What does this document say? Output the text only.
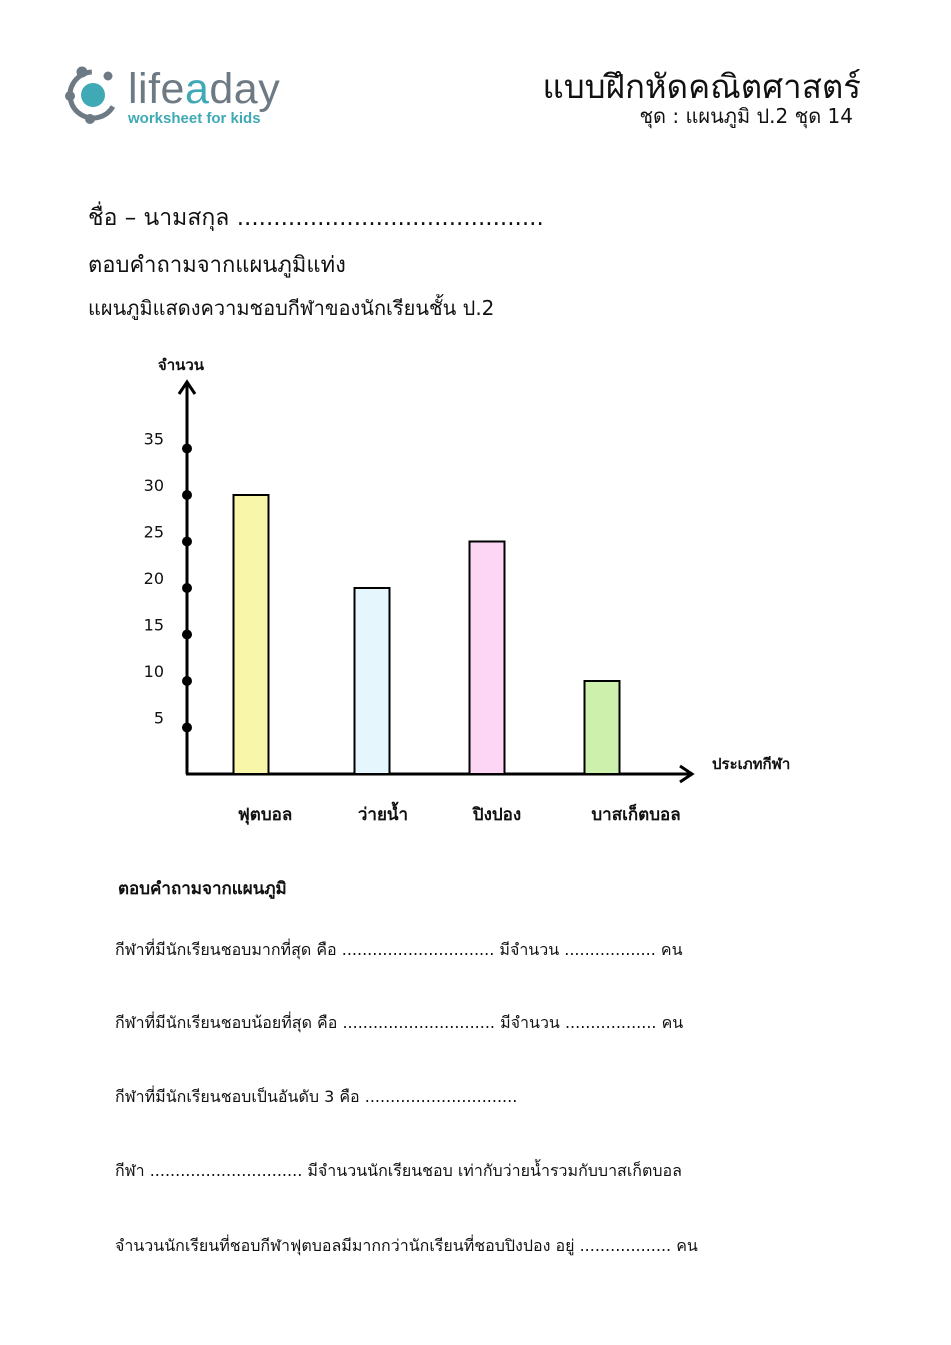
lifeaday
worksheet for kids
แบบฝึกหัดคณิตศาสตร์
ชุด : แผนภูมิ ป.2 ชุด 14
ชื่อ – นามสกุล ..........................................
ตอบคำถามจากแผนภูมิแท่ง
แผนภูมิแสดงความชอบกีฬาของนักเรียนชั้น ป.2
จำนวน
ประเภทกีฬา
5
10
15
20
25
30
35
ฟุตบอล	ว่ายน้ำ	ปิงปอง	บาสเก็ตบอล
ตอบคำถามจากแผนภูมิ
กีฬาที่มีนักเรียนชอบมากที่สุด คือ .............................. มีจำนวน .................. คน
กีฬาที่มีนักเรียนชอบน้อยที่สุด คือ .............................. มีจำนวน .................. คน
กีฬาที่มีนักเรียนชอบเป็นอันดับ 3 คือ ..............................
กีฬา .............................. มีจำนวนนักเรียนชอบ เท่ากับว่ายน้ำรวมกับบาสเก็ตบอล
จำนวนนักเรียนที่ชอบกีฬาฟุตบอลมีมากกว่านักเรียนที่ชอบปิงปอง อยู่ .................. คน
